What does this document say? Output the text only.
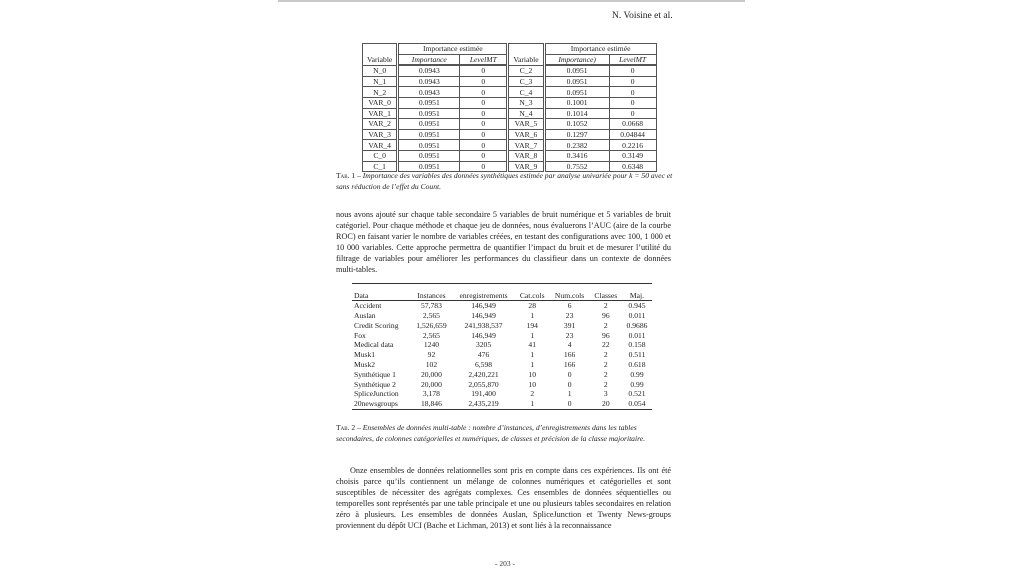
N. Voisine et al.
Variable	Importance estimée		Variable	Importance estimée	
	Importance	LevelMT		Importance)	LevelMT
N_0	0.0943	0	C_2	0.0951	0
N_1	0.0943	0	C_3	0.0951	0
N_2	0.0943	0	C_4	0.0951	0
VAR_0	0.0951	0	N_3	0.1001	0
VAR_1	0.0951	0	N_4	0.1014	0
VAR_2	0.0951	0	VAR_5	0.1052	0.0668
VAR_3	0.0951	0	VAR_6	0.1297	0.04844
VAR_4	0.0951	0	VAR_7	0.2382	0.2216
C_0	0.0951	0	VAR_8	0.3416	0.3149
C_1	0.0951	0	VAR_9	0.7552	0.6348
Tab. 1 – Importance des variables des données synthétiques estimée par analyse univariée pour k = 50 avec et sans réduction de l’effet du Count.
nous avons ajouté sur chaque table secondaire 5 variables de bruit numérique et 5 variables de bruit catégoriel. Pour chaque méthode et chaque jeu de données, nous évaluerons l’AUC (aire de la courbe ROC) en faisant varier le nombre de variables créées, en testant des configurations avec 100, 1 000 et 10 000 variables. Cette approche permettra de quantifier l’impact du bruit et de mesurer l’utilité du filtrage de variables pour améliorer les performances du classifieur dans un contexte de données multi-tables.
Data	Instances	enregistrements	Cat.cols	Num.cols	Classes	Maj.
Accident	57,783	146,949	28	6	2	0.945
Auslan	2,565	146,949	1	23	96	0.011
Credit Scoring	1,526,659	241,938,537	194	391	2	0.9686
Fox	2,565	146,949	1	23	96	0.011
Medical data	1240	3205	41	4	22	0.158
Musk1	92	476	1	166	2	0.511
Musk2	102	6,598	1	166	2	0.618
Synthétique 1	20,000	2,420,221	10	0	2	0.99
Synthétique 2	20,000	2,055,870	10	0	2	0.99
SpliceJunction	3,178	191,400	2	1	3	0.521
20newsgroups	18,846	2,435,219	1	0	20	0.054
Tab. 2 – Ensembles de données multi-table : nombre d’instances, d’enregistrements dans les tables secondaires, de colonnes catégorielles et numériques, de classes et précision de la classe majoritaire.
Onze ensembles de données relationnelles sont pris en compte dans ces expériences. Ils ont été choisis parce qu’ils contiennent un mélange de colonnes numériques et catégorielles et sont susceptibles de nécessiter des agrégats complexes. Ces ensembles de données séquentielles ou temporelles sont représentés par une table principale et une ou plusieurs tables secondaires en relation zéro à plusieurs. Les ensembles de données Auslan, SpliceJunction et Twenty News-groups proviennent du dépôt UCI (Bache et Lichman, 2013) et sont liés à la reconnaissance
- 203 -
